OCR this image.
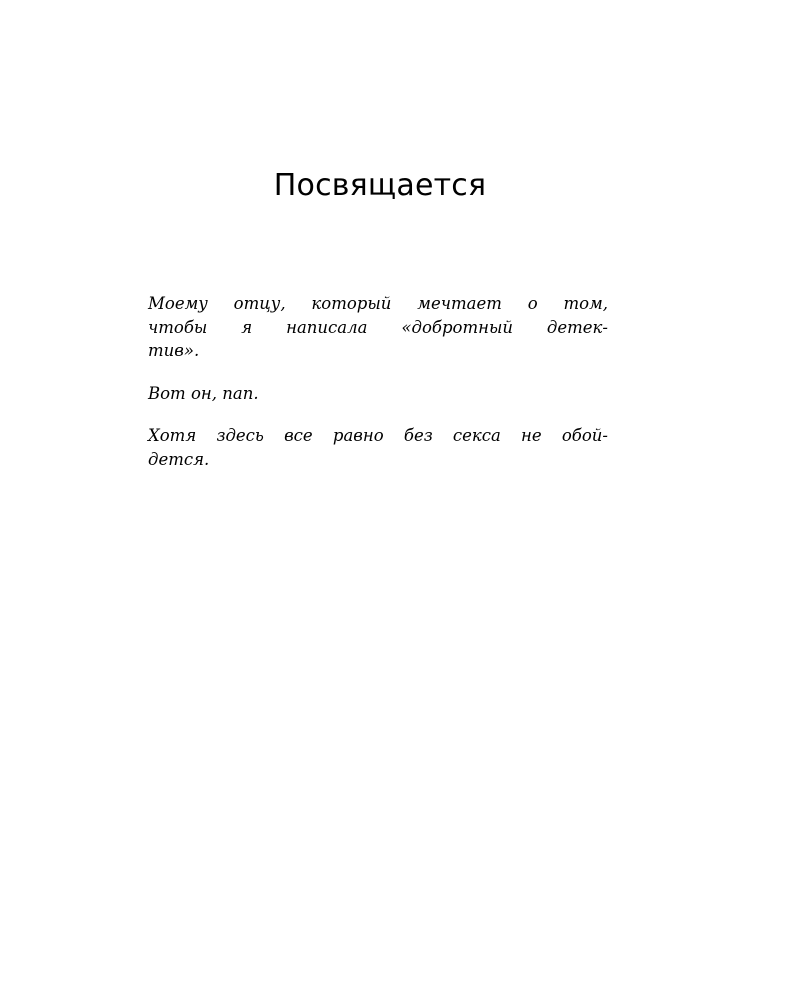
Посвящается

Моему отцу, который мечтает о том,
чтобы я написала «добротный детек-
тив».

Вот он, пап.

Хотя здесь все равно без секса не обой-
дется.
